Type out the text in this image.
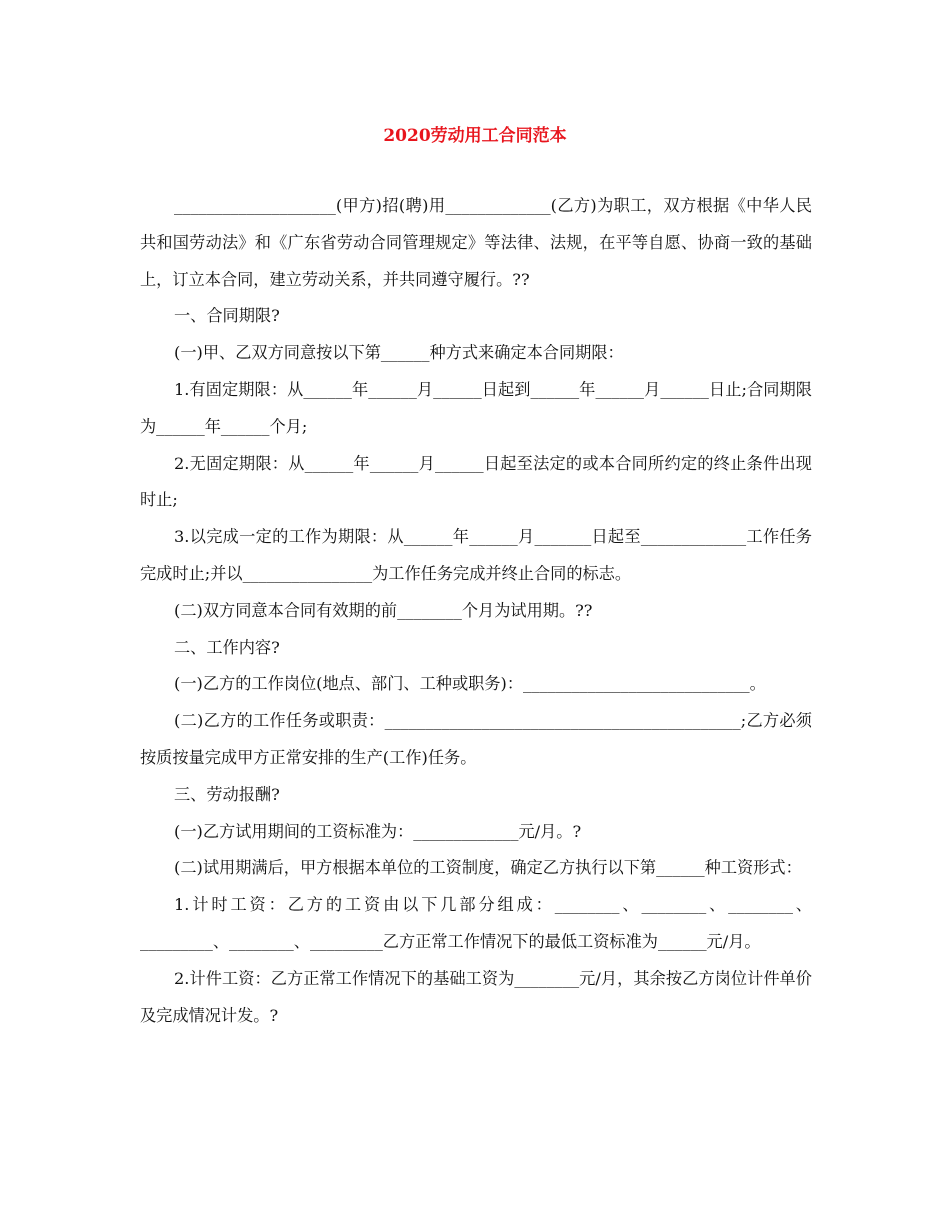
2020劳动用工合同范本

____________________(甲方)招(聘)用_____________(乙方)为职工，双方根据《中华人民共和国劳动法》和《广东省劳动合同管理规定》等法律、法规，在平等自愿、协商一致的基础上，订立本合同，建立劳动关系，并共同遵守履行。??

一、合同期限?

(一)甲、乙双方同意按以下第______种方式来确定本合同期限：

1.有固定期限：从______年______月______日起到______年______月______日止;合同期限为______年______个月;

2.无固定期限：从______年______月______日起至法定的或本合同所约定的终止条件出现时止;

3.以完成一定的工作为期限：从______年______月_______日起至_____________工作任务完成时止;并以________________为工作任务完成并终止合同的标志。

(二)双方同意本合同有效期的前________个月为试用期。??

二、工作内容?

(一)乙方的工作岗位(地点、部门、工种或职务)：____________________________。

(二)乙方的工作任务或职责：____________________________________________;乙方必须按质按量完成甲方正常安排的生产(工作)任务。

三、劳动报酬?

(一)乙方试用期间的工资标准为：_____________元/月。?

(二)试用期满后，甲方根据本单位的工资制度，确定乙方执行以下第______种工资形式：

1.计时工资：乙方的工资由以下几部分组成：________、________、________、_________、________、_________乙方正常工作情况下的最低工资标准为______元/月。

2.计件工资：乙方正常工作情况下的基础工资为________元/月，其余按乙方岗位计件单价及完成情况计发。?
